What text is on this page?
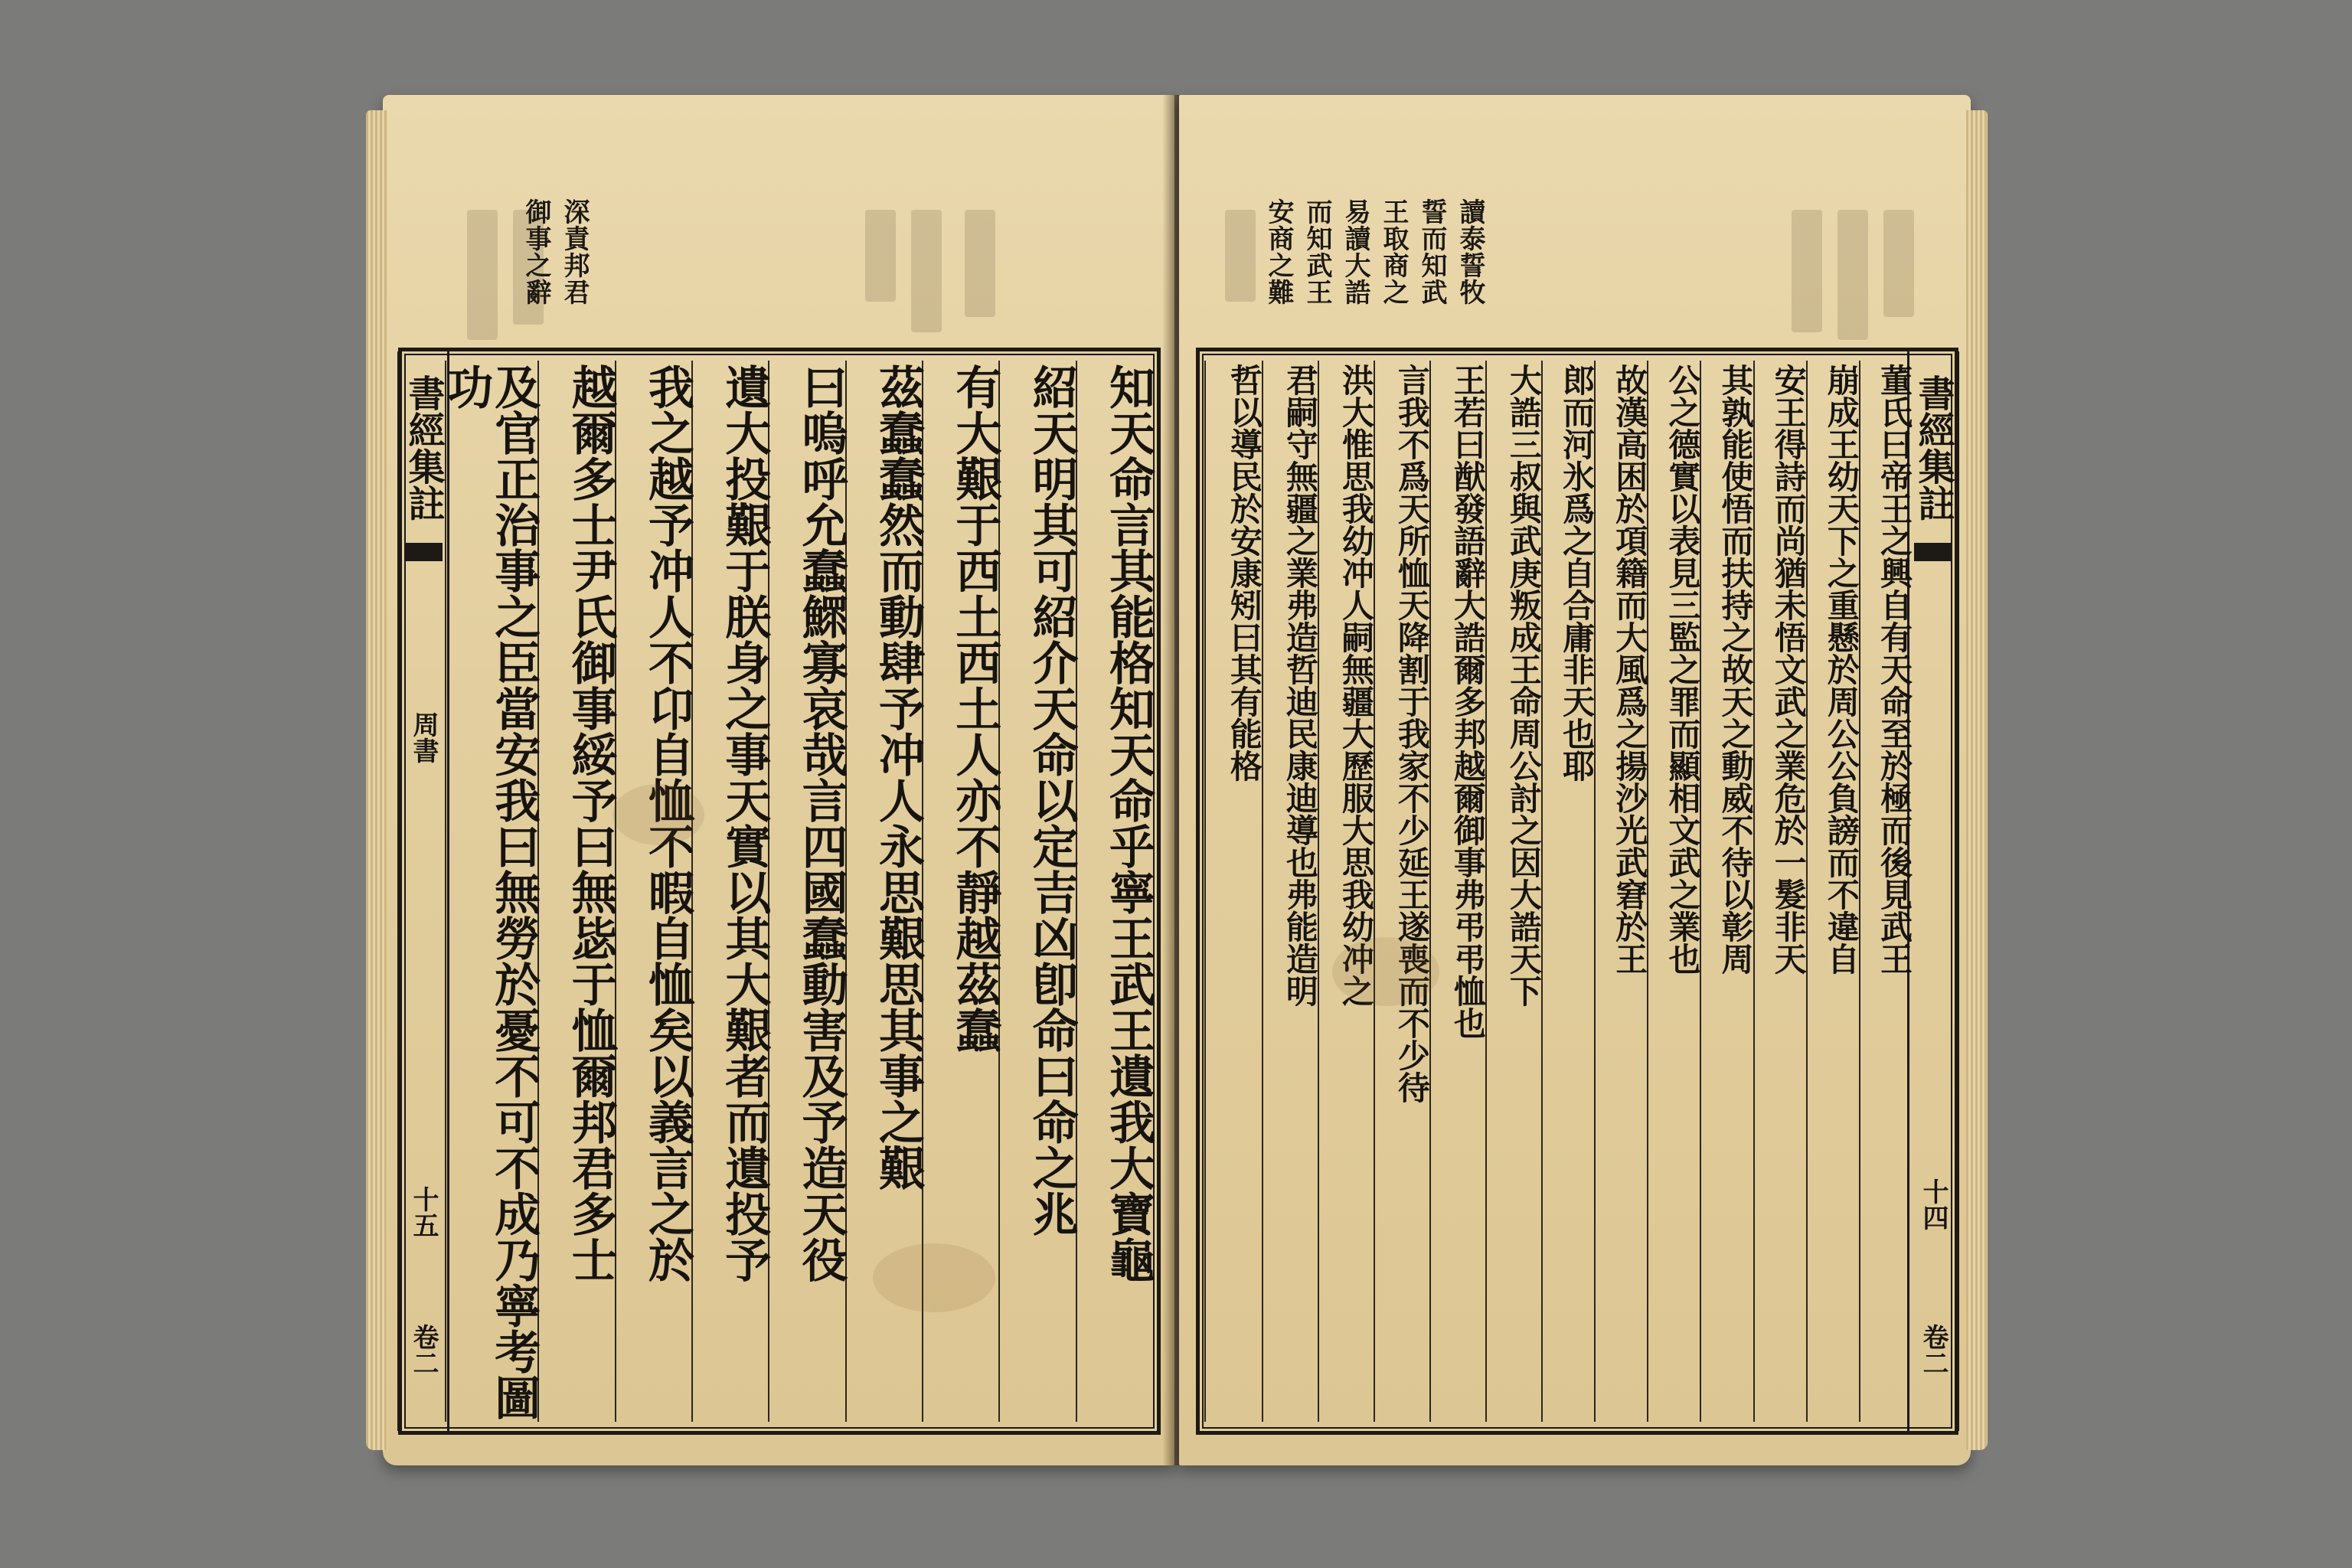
深責邦君
御事之辭
書經集註
周書
十五
卷二
知天命言其能格知天命乎寧王武王遺我大寶龜
紹天明其可紹介天命以定吉凶卽命曰命之兆
有大艱于西土西土人亦不靜越茲蠢
茲蠢蠢然而動肆予冲人永思艱思其事之艱
曰嗚呼允蠢鰥寡哀哉言四國蠢動害及予造天役
遺大投艱于朕身之事天實以其大艱者而遺投予
我之越予冲人不卬自恤不暇自恤矣以義言之於
越爾多士尹氏御事綏予曰無毖于恤爾邦君多士
及官正治事之臣當安我曰無勞於憂不可不成乃寧考圖功
讀泰誓牧
誓而知武
王取商之
易讀大誥
而知武王
安商之難
書經集註
十四
卷二
董氏曰帝王之興自有天命至於極而後見武王
崩成王幼天下之重懸於周公公負謗而不違自
安王得詩而尚猶未悟文武之業危於一髮非天
其孰能使悟而扶持之故天之動威不待以彰周
公之德實以表見三監之罪而顯相文武之業也
故漢高困於項籍而大風爲之揚沙光武窘於王
郎而河氷爲之自合庸非天也耶
大誥三叔與武庚叛成王命周公討之因大誥天下
王若曰猷發語辭大誥爾多邦越爾御事弗弔弔恤也
言我不爲天所恤天降割于我家不少延王遂喪而不少待
洪大惟思我幼冲人嗣無疆大歷服大思我幼冲之
君嗣守無疆之業弗造哲迪民康迪導也弗能造明
哲以導民於安康矧曰其有能格
